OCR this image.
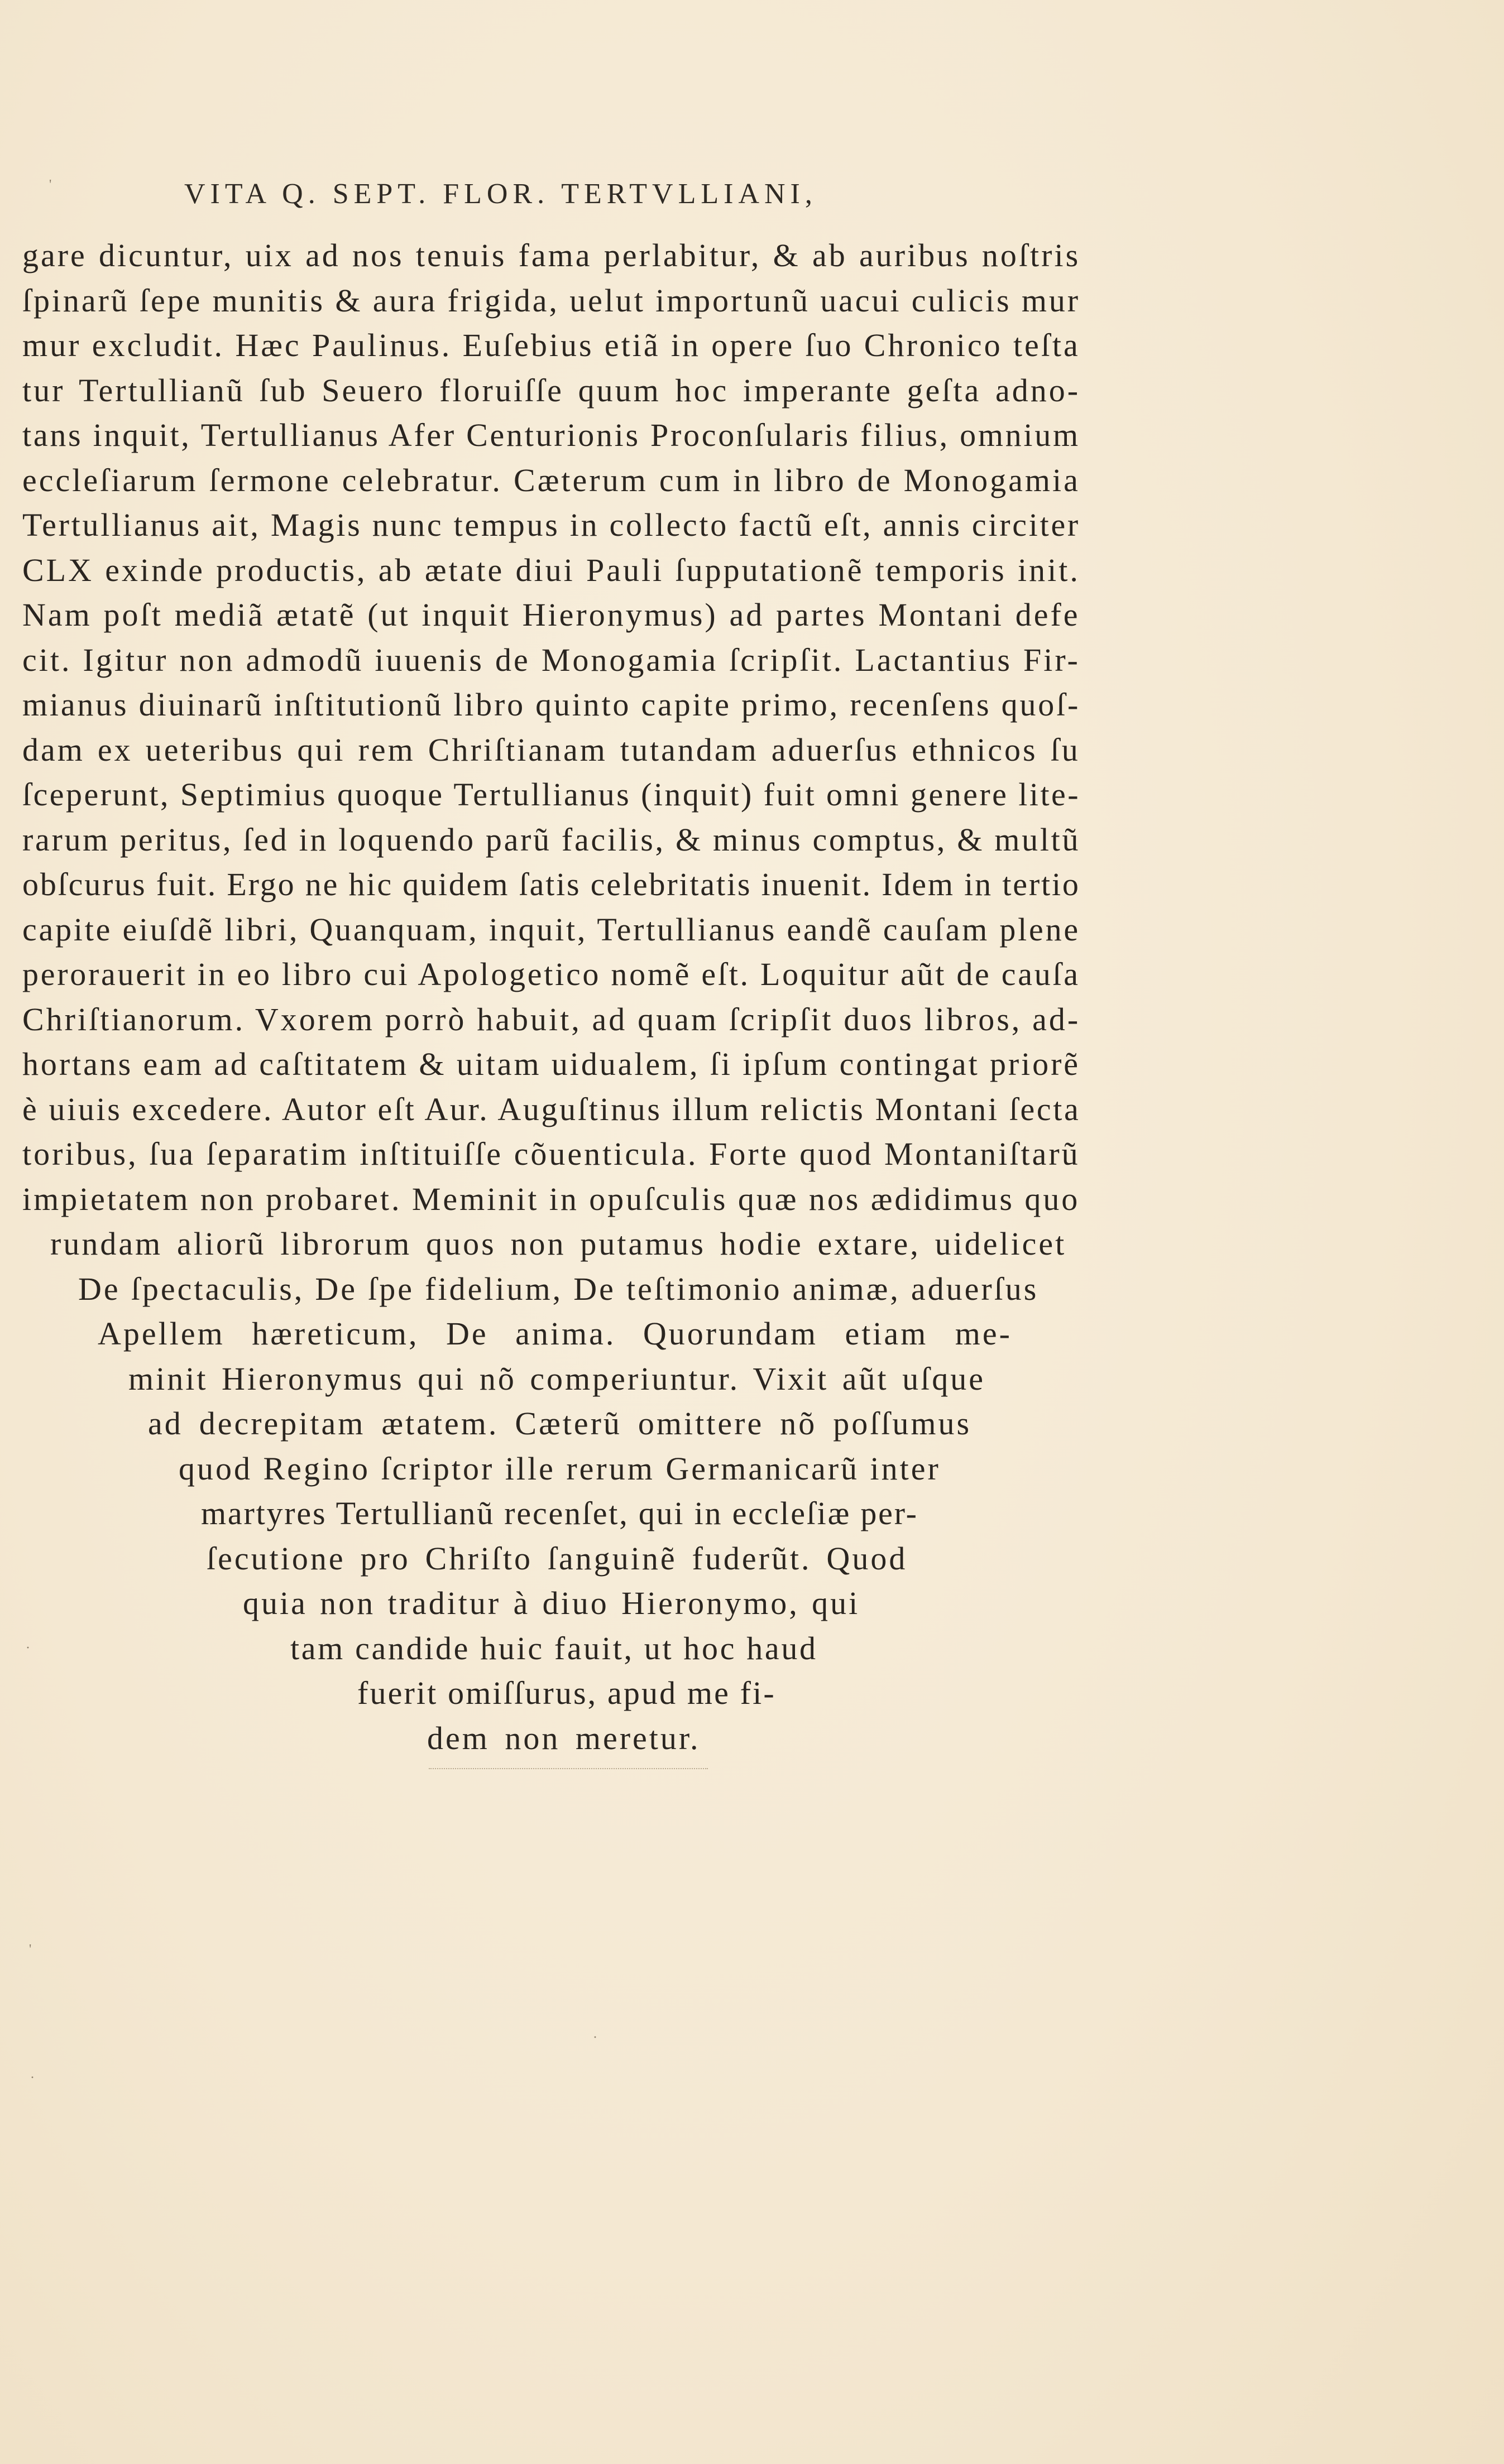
VITA Q. SEPT. FLOR. TERTVLLIANI,
gare dicuntur, uix ad nos tenuis fama perlabitur, & ab auribus noſtris
ſpinarũ ſepe munitis & aura frigida, uelut importunũ uacui culicis mur
mur excludit. Hæc Paulinus. Euſebius etiã in opere ſuo Chronico teſta
tur Tertullianũ ſub Seuero floruiſſe quum hoc imperante geſta adno-
tans inquit, Tertullianus Afer Centurionis Proconſularis filius, omnium
eccleſiarum ſermone celebratur. Cæterum cum in libro de Monogamia
Tertullianus ait, Magis nunc tempus in collecto factũ eſt, annis circiter
CLX exinde productis, ab ætate diui Pauli ſupputationẽ temporis init.
Nam poſt mediã ætatẽ (ut inquit Hieronymus) ad partes Montani defe
cit. Igitur non admodũ iuuenis de Monogamia ſcripſit. Lactantius Fir-
mianus diuinarũ inſtitutionũ libro quinto capite primo, recenſens quoſ-
dam ex ueteribus qui rem Chriſtianam tutandam aduerſus ethnicos ſu
ſceperunt, Septimius quoque Tertullianus (inquit) fuit omni genere lite-
rarum peritus, ſed in loquendo parũ facilis, & minus comptus, & multũ
obſcurus fuit. Ergo ne hic quidem ſatis celebritatis inuenit. Idem in tertio
capite eiuſdẽ libri, Quanquam, inquit, Tertullianus eandẽ cauſam plene
perorauerit in eo libro cui Apologetico nomẽ eſt. Loquitur aũt de cauſa
Chriſtianorum. Vxorem porrò habuit, ad quam ſcripſit duos libros, ad-
hortans eam ad caſtitatem & uitam uidualem, ſi ipſum contingat priorẽ
è uiuis excedere. Autor eſt Aur. Auguſtinus illum relictis Montani ſecta
toribus, ſua ſeparatim inſtituiſſe cõuenticula. Forte quod Montaniſtarũ
impietatem non probaret. Meminit in opuſculis quæ nos ædidimus quo
rundam aliorũ librorum quos non putamus hodie extare, uidelicet
De ſpectaculis, De ſpe fidelium, De teſtimonio animæ, aduerſus
Apellem hæreticum, De anima. Quorundam etiam me-
minit Hieronymus qui nõ comperiuntur. Vixit aũt uſque
ad decrepitam ætatem. Cæterũ omittere nõ poſſumus
quod Regino ſcriptor ille rerum Germanicarũ inter
martyres Tertullianũ recenſet, qui in eccleſiæ per-
ſecutione pro Chriſto ſanguinẽ fuderũt. Quod
quia non traditur à diuo Hieronymo, qui
tam candide huic fauit, ut hoc haud
fuerit omiſſurus, apud me fi-
dem non meretur.
'
·
'
·
·
